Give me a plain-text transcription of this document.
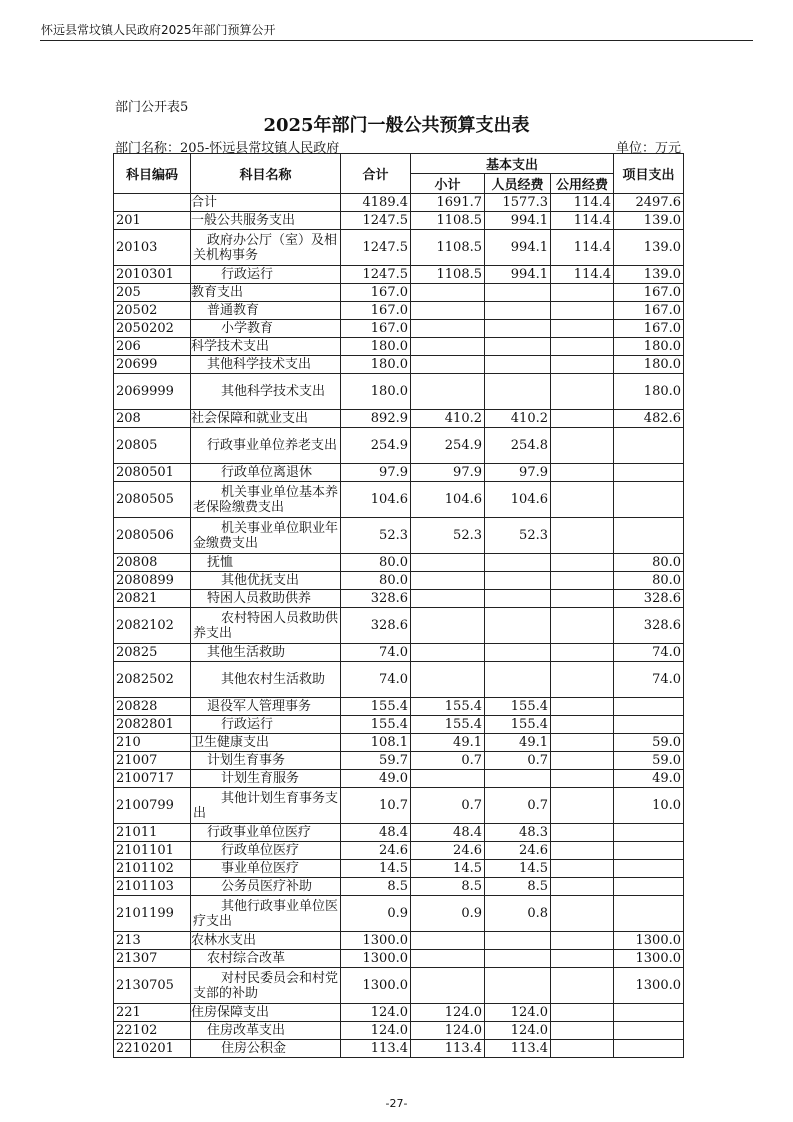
怀远县常坟镇人民政府2025年部门预算公开
部门公开表5
2025年部门一般公共预算支出表
部门名称：205-怀远县常坟镇人民政府	单位：万元
科目编码	科目名称	合计	基本支出			项目支出
			小计	人员经费	公用经费	
	合计	4189.4	1691.7	1577.3	114.4	2497.6
201	一般公共服务支出	1247.5	1108.5	994.1	114.4	139.0
20103	政府办公厅（室）及相关机构事务	1247.5	1108.5	994.1	114.4	139.0
2010301	行政运行	1247.5	1108.5	994.1	114.4	139.0
205	教育支出	167.0				167.0
20502	普通教育	167.0				167.0
2050202	小学教育	167.0				167.0
206	科学技术支出	180.0				180.0
20699	其他科学技术支出	180.0				180.0
2069999	其他科学技术支出	180.0				180.0
208	社会保障和就业支出	892.9	410.2	410.2		482.6
20805	行政事业单位养老支出	254.9	254.9	254.8		
2080501	行政单位离退休	97.9	97.9	97.9		
2080505	机关事业单位基本养老保险缴费支出	104.6	104.6	104.6		
2080506	机关事业单位职业年金缴费支出	52.3	52.3	52.3		
20808	抚恤	80.0				80.0
2080899	其他优抚支出	80.0				80.0
20821	特困人员救助供养	328.6				328.6
2082102	农村特困人员救助供养支出	328.6				328.6
20825	其他生活救助	74.0				74.0
2082502	其他农村生活救助	74.0				74.0
20828	退役军人管理事务	155.4	155.4	155.4		
2082801	行政运行	155.4	155.4	155.4		
210	卫生健康支出	108.1	49.1	49.1		59.0
21007	计划生育事务	59.7	0.7	0.7		59.0
2100717	计划生育服务	49.0				49.0
2100799	其他计划生育事务支出	10.7	0.7	0.7		10.0
21011	行政事业单位医疗	48.4	48.4	48.3		
2101101	行政单位医疗	24.6	24.6	24.6		
2101102	事业单位医疗	14.5	14.5	14.5		
2101103	公务员医疗补助	8.5	8.5	8.5		
2101199	其他行政事业单位医疗支出	0.9	0.9	0.8		
213	农林水支出	1300.0				1300.0
21307	农村综合改革	1300.0				1300.0
2130705	对村民委员会和村党支部的补助	1300.0				1300.0
221	住房保障支出	124.0	124.0	124.0		
22102	住房改革支出	124.0	124.0	124.0		
2210201	住房公积金	113.4	113.4	113.4		
-27-
